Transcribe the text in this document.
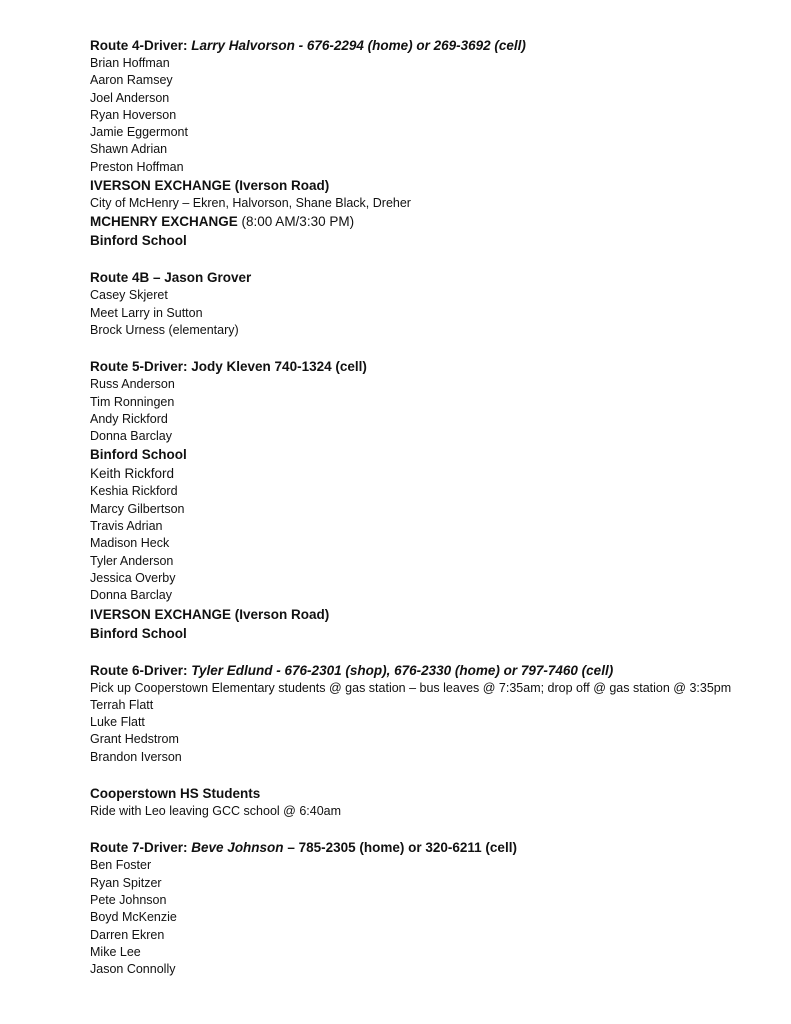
Route 4-Driver: Larry Halvorson - 676-2294 (home) or 269-3692 (cell)
Brian Hoffman
Aaron Ramsey
Joel Anderson
Ryan Hoverson
Jamie Eggermont
Shawn Adrian
Preston Hoffman
IVERSON EXCHANGE (Iverson Road)
City of McHenry – Ekren, Halvorson, Shane Black, Dreher
MCHENRY EXCHANGE (8:00 AM/3:30 PM)
Binford School
Route 4B – Jason Grover
Casey Skjeret
Meet Larry in Sutton
Brock Urness (elementary)
Route 5-Driver: Jody Kleven 740-1324 (cell)
Russ Anderson
Tim Ronningen
Andy Rickford
Donna Barclay
Binford School
Keith Rickford
Keshia Rickford
Marcy Gilbertson
Travis Adrian
Madison Heck
Tyler Anderson
Jessica Overby
Donna Barclay
IVERSON EXCHANGE (Iverson Road)
Binford School
Route 6-Driver: Tyler Edlund - 676-2301 (shop), 676-2330 (home) or 797-7460 (cell)
Pick up Cooperstown Elementary students @ gas station – bus leaves @ 7:35am; drop off @ gas station @ 3:35pm
Terrah Flatt
Luke Flatt
Grant Hedstrom
Brandon Iverson
Cooperstown HS Students
Ride with Leo leaving GCC school @ 6:40am
Route 7-Driver: Beve Johnson – 785-2305 (home) or 320-6211 (cell)
Ben Foster
Ryan Spitzer
Pete Johnson
Boyd McKenzie
Darren Ekren
Mike Lee
Jason Connolly
